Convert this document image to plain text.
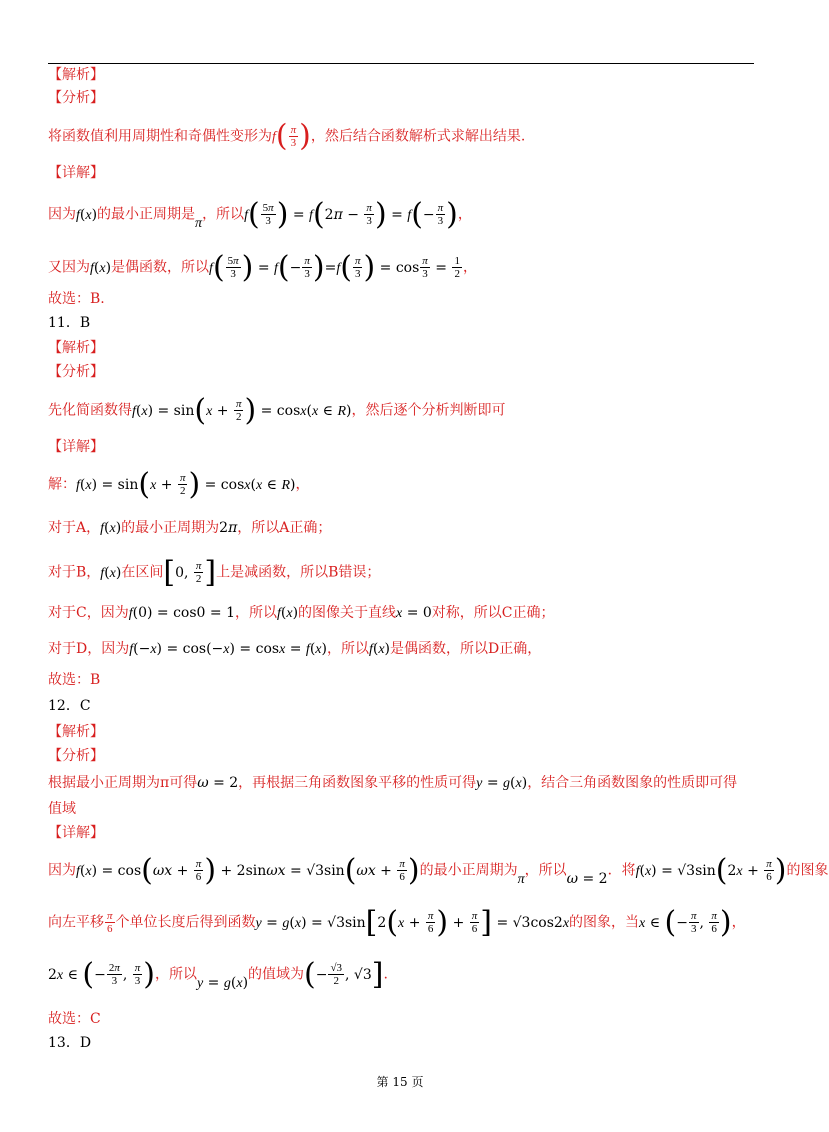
【解析】
【分析】
将函数值利用周期性和奇偶性变形为$f( \frac{\pi}{3}$ )，然后结合函数解析式求解出结果.
【详解】
因为f(x)的最小正周期是π，所以$f( \frac{5\pi}{3}$ ) = $f(2\pi - \frac{\pi}{3}$ ) = $f(- \frac{\pi}{3}$ )，
又因为f(x)是偶函数，所以$f( \frac{5\pi}{3}$ ) = $f(- \frac{\pi}{3} )=f( \frac{\pi}{3}$ ) = $\cos \frac{\pi}{3} = \frac{1}{2}$ ，
故选：B.
11．B
【解析】
【分析】
先化简函数得$f(x) = \sin(x + \frac{\pi}{2}$ ) = cosx(x ∈ R)，然后逐个分析判断即可
【详解】
解：$f(x) = \sin(x + \frac{\pi}{2}$ ) = cosx(x ∈ R)，
对于A，f(x)的最小正周期为2π，所以A正确；
对于B，f(x)在区间[0, $\frac{\pi}{2}$ ]上是减函数，所以B错误；
对于C，因为f(0) = cos0 = 1，所以f(x)的图像关于直线x = 0对称，所以C正确；
对于D，因为f(−x) = cos(−x) = cosx = f(x)，所以f(x)是偶函数，所以D正确，
故选：B
12．C
【解析】
【分析】
根据最小正周期为π可得ω = 2，再根据三角函数图象平移的性质可得y = g(x)，结合三角函数图象的性质即可得
值域
【详解】
因为$f(x) = \cos(\omega x + \frac{\pi}{6}$ ) + $2\sin\omega x = √3\sin(\omega x + \frac{\pi}{6}$ )的最小正周期为π，所以ω = 2．将$f(x) = √3\sin(2x + \frac{\pi}{6}$ )的图象
向左平移 $\frac{\pi}{6}$ 个单位长度后得到函数$y = g(x) = √3\sin[2(x + \frac{\pi}{6}$ ) + $\frac{\pi}{6}$ ] = √3cos2x的图象，当x ∈ (− $\frac{\pi}{3}$ , $\frac{\pi}{6}$ )，
2x ∈ (− $\frac{2\pi}{3}$ , $\frac{\pi}{3}$ )，所以y = g(x)的值域为(− $\frac{√3}{2}$ , √3].
故选：C
13．D
第 15 页
